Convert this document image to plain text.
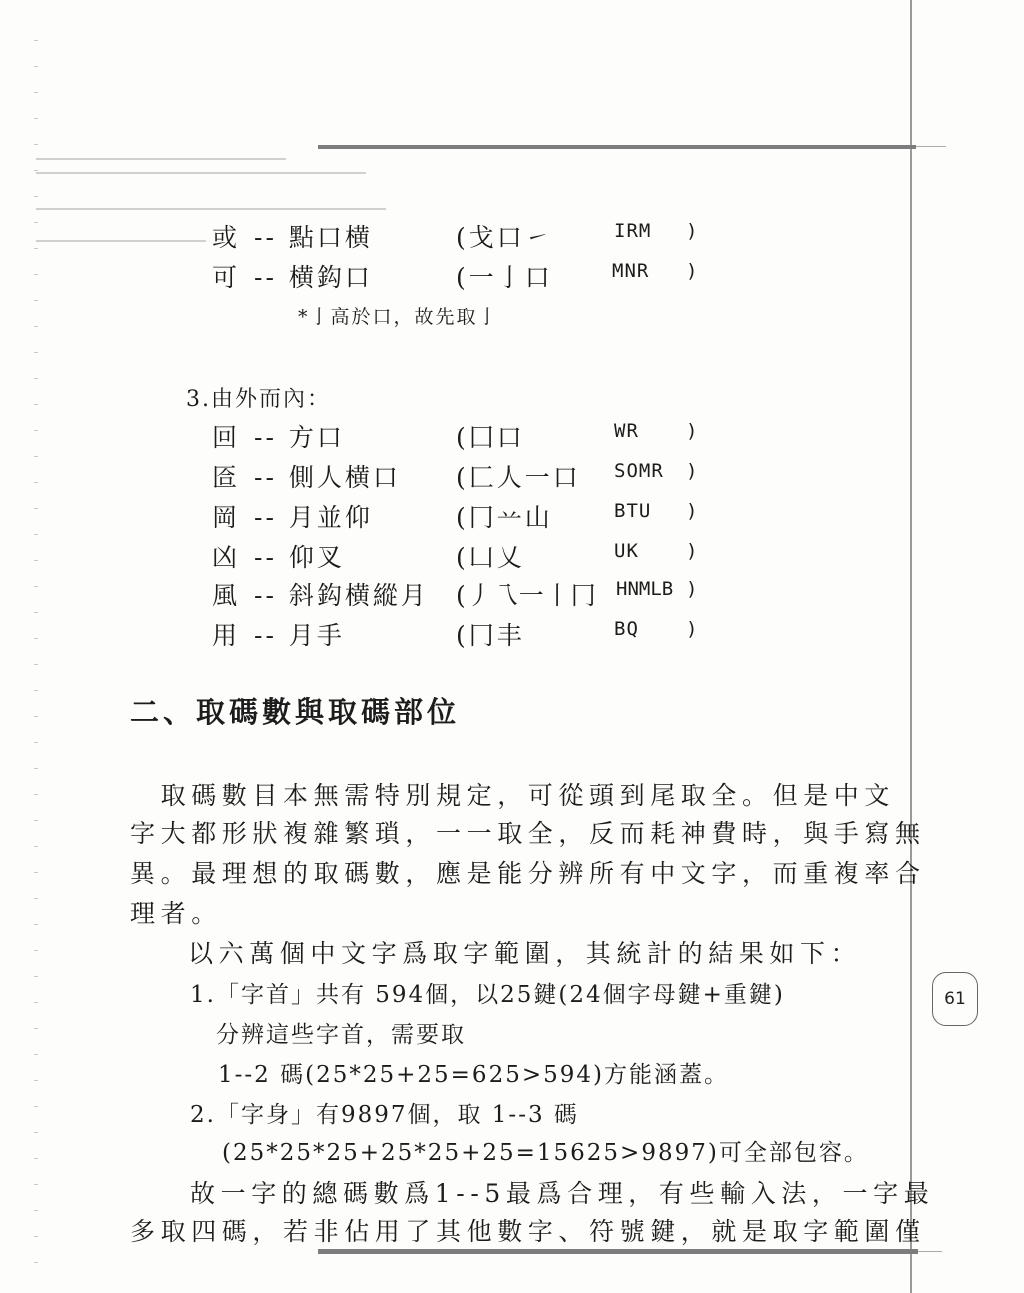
或 -- 點口横	(戈口㇀	IRM )
可 -- 横鈎口	(一亅口	MNR )
*亅高於口，故先取亅
3.由外而內：
回 -- 方口	(囗口	WR )
匼 -- 側人横口 (匚人一口 SOMR )
岡 -- 月並仰	(冂䒑山	BTU )
凶 -- 仰叉	(凵乂	UK )
風 -- 斜鈎横縱月 (丿乁一丨冂 HNMLB )
用 -- 月手	(冂丰	BQ )
二、取碼數與取碼部位
　取碼數目本無需特別規定，可從頭到尾取全。但是中文
字大都形狀複雜繁瑣，一一取全，反而耗神費時，與手寫無
異。最理想的取碼數，應是能分辨所有中文字，而重複率合
理者。
以六萬個中文字爲取字範圍，其統計的結果如下：
1.「字首」共有 594個，以25鍵(24個字母鍵+重鍵)
分辨這些字首，需要取
1--2 碼(25*25+25=625>594)方能涵蓋。
2.「字身」有9897個，取 1--3 碼
(25*25*25+25*25+25=15625>9897)可全部包容。
故一字的總碼數爲1--5最爲合理，有些輸入法，一字最
多取四碼，若非佔用了其他數字、符號鍵，就是取字範圍僅
61
